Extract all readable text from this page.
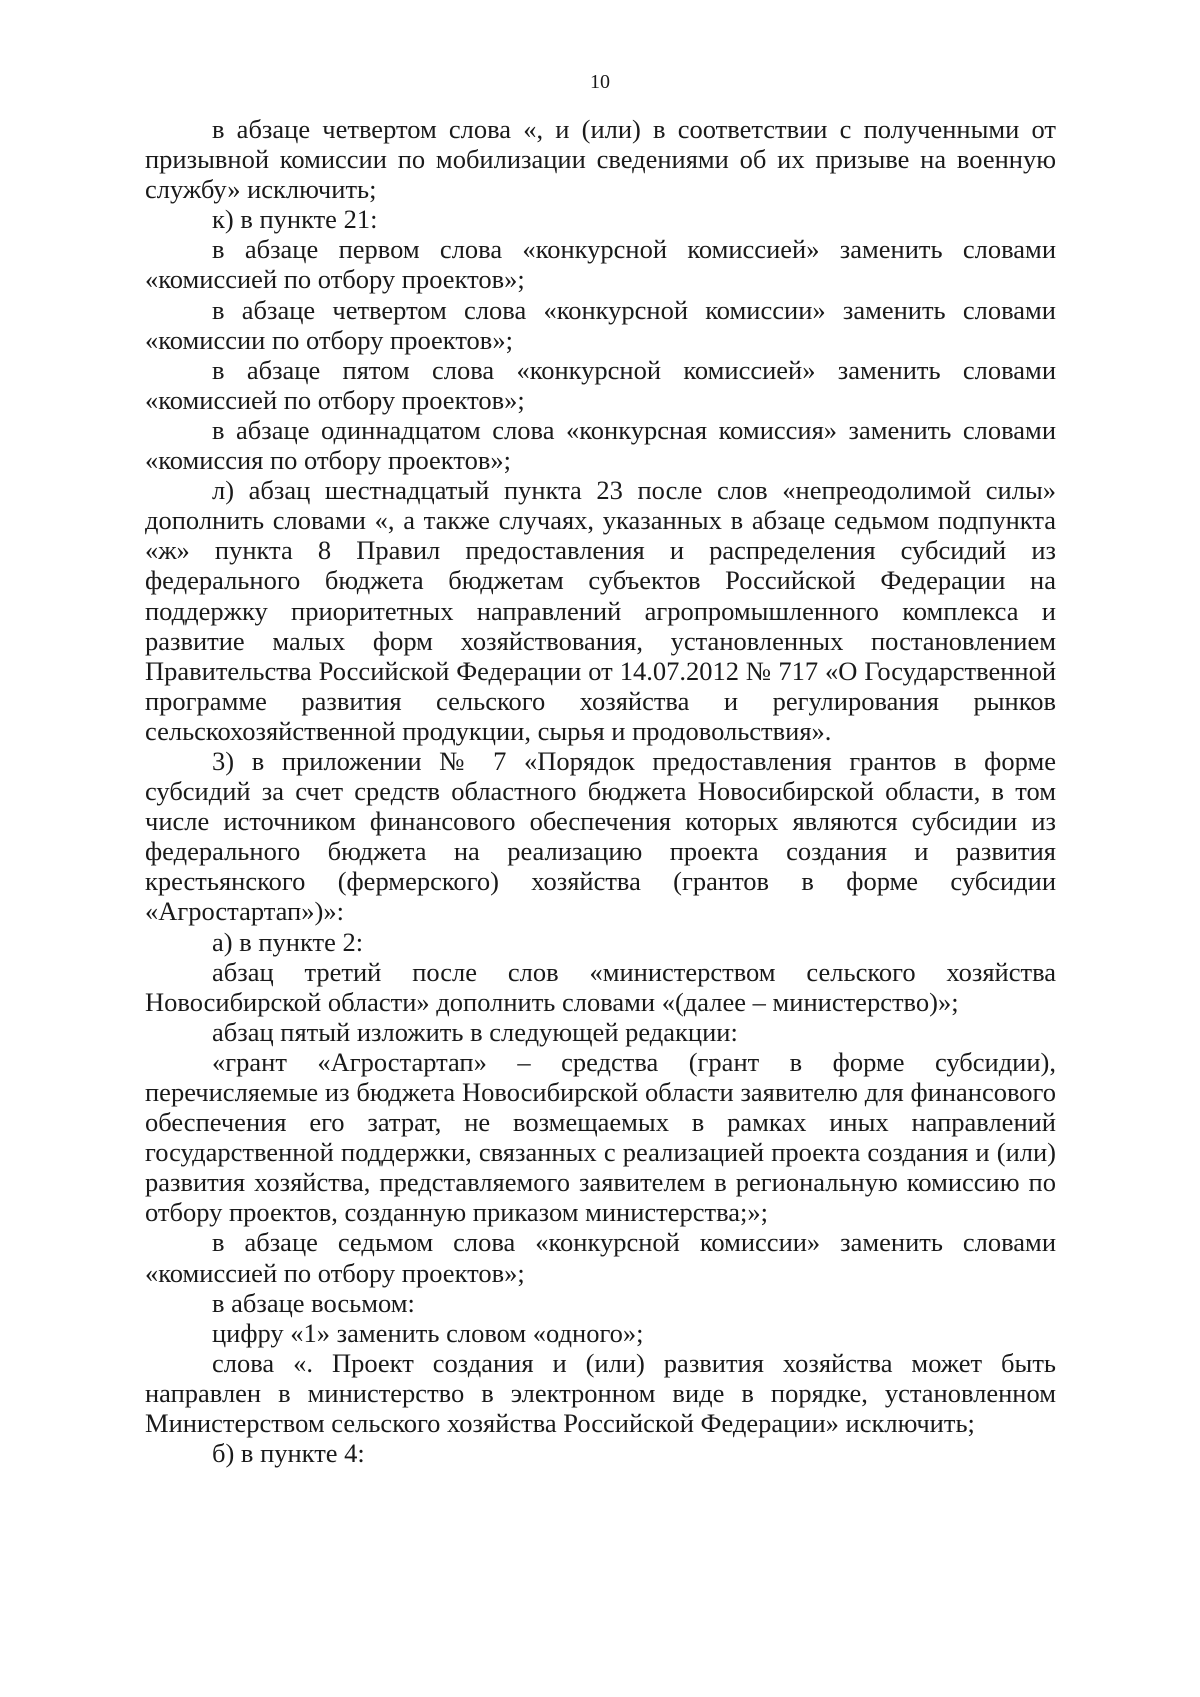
10

в абзаце четвертом слова «, и (или) в соответствии с полученными от призывной комиссии по мобилизации сведениями об их призыве на военную службу» исключить;

к) в пункте 21:

в абзаце первом слова «конкурсной комиссией» заменить словами «комиссией по отбору проектов»;

в абзаце четвертом слова «конкурсной комиссии» заменить словами «комиссии по отбору проектов»;

в абзаце пятом слова «конкурсной комиссией» заменить словами «комиссией по отбору проектов»;

в абзаце одиннадцатом слова «конкурсная комиссия» заменить словами «комиссия по отбору проектов»;

л) абзац шестнадцатый пункта 23 после слов «непреодолимой силы» дополнить словами «, а также случаях, указанных в абзаце седьмом подпункта «ж» пункта 8 Правил предоставления и распределения субсидий из федерального бюджета бюджетам субъектов Российской Федерации на поддержку приоритетных направлений агропромышленного комплекса и развитие малых форм хозяйствования, установленных постановлением Правительства Российской Федерации от 14.07.2012 № 717 «О Государственной программе развития сельского хозяйства и регулирования рынков сельскохозяйственной продукции, сырья и продовольствия».

3) в приложении № 7 «Порядок предоставления грантов в форме субсидий за счет средств областного бюджета Новосибирской области, в том числе источником финансового обеспечения которых являются субсидии из федерального бюджета на реализацию проекта создания и развития крестьянского (фермерского) хозяйства (грантов в форме субсидии «Агростартап»)»:

а) в пункте 2:

абзац третий после слов «министерством сельского хозяйства Новосибирской области» дополнить словами «(далее – министерство)»;

абзац пятый изложить в следующей редакции:

«грант «Агростартап» – средства (грант в форме субсидии), перечисляемые из бюджета Новосибирской области заявителю для финансового обеспечения его затрат, не возмещаемых в рамках иных направлений государственной поддержки, связанных с реализацией проекта создания и (или) развития хозяйства, представляемого заявителем в региональную комиссию по отбору проектов, созданную приказом министерства;»;

в абзаце седьмом слова «конкурсной комиссии» заменить словами «комиссией по отбору проектов»;

в абзаце восьмом:

цифру «1» заменить словом «одного»;

слова «. Проект создания и (или) развития хозяйства может быть направлен в министерство в электронном виде в порядке, установленном Министерством сельского хозяйства Российской Федерации» исключить;

б) в пункте 4:
